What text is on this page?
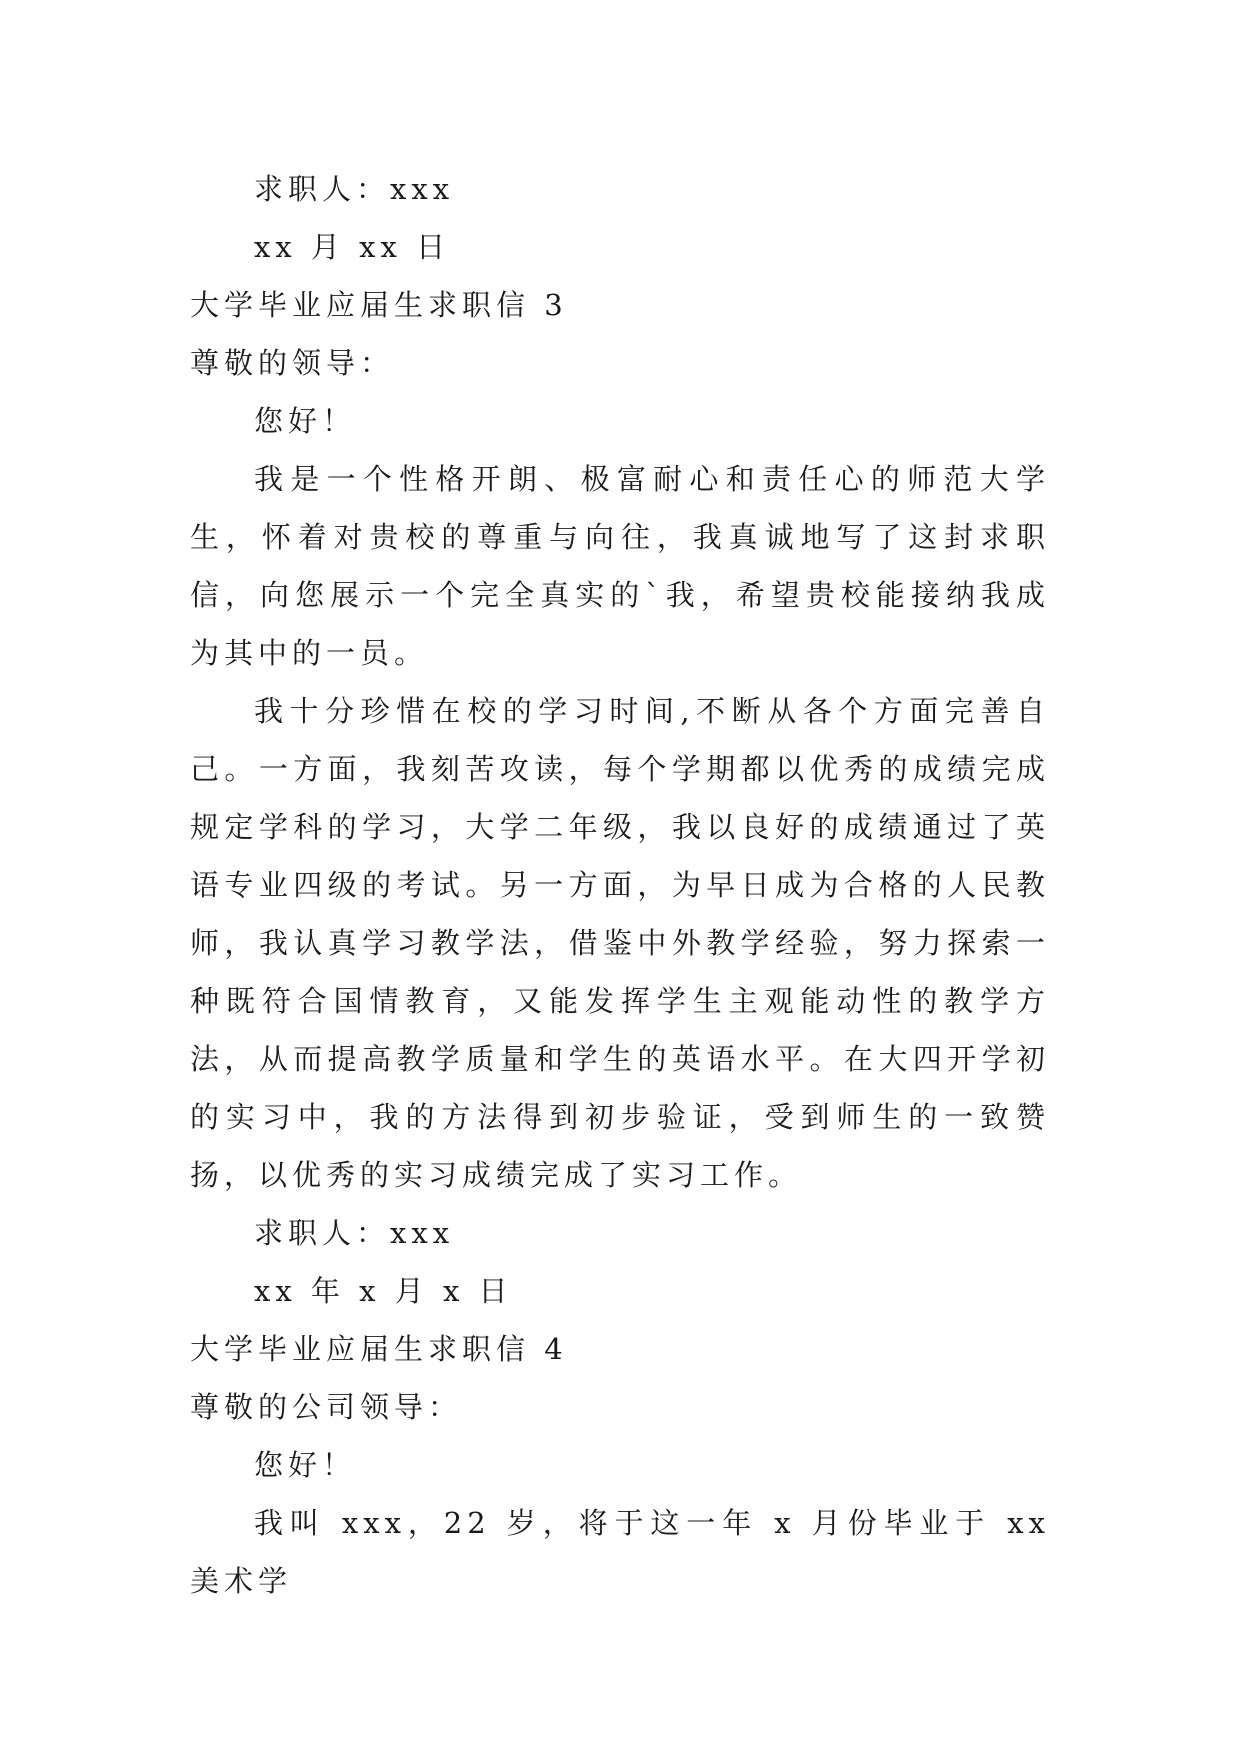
求职人：xxx
xx 月 xx 日
大学毕业应届生求职信 3
尊敬的领导：
您好！

我是一个性格开朗、极富耐心和责任心的师范大学生，怀着对贵校的尊重与向往，我真诚地写了这封求职信，向您展示一个完全真实的`我，希望贵校能接纳我成为其中的一员。

我十分珍惜在校的学习时间,不断从各个方面完善自己。一方面，我刻苦攻读，每个学期都以优秀的成绩完成规定学科的学习，大学二年级，我以良好的成绩通过了英语专业四级的考试。另一方面，为早日成为合格的人民教师，我认真学习教学法，借鉴中外教学经验，努力探索一种既符合国情教育，又能发挥学生主观能动性的教学方法，从而提高教学质量和学生的英语水平。在大四开学初的实习中，我的方法得到初步验证，受到师生的一致赞扬，以优秀的实习成绩完成了实习工作。

求职人：xxx
xx 年 x 月 x 日
大学毕业应届生求职信 4
尊敬的公司领导：
您好！

我叫 xxx，22 岁，将于这一年 x 月份毕业于 xx 美术学
